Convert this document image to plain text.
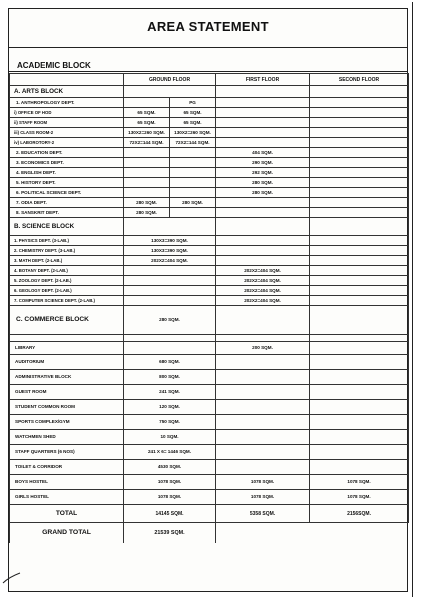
AREA STATEMENT
ACADEMIC BLOCK
	GROUND FLOOR		FIRST FLOOR	SECOND FLOOR
A. ARTS BLOCK				
1. ANTHROPOLOGY DEPT.		PG		
i) OFFICE OF HOD	65 SQM.	65 SQM.		
ii) STAFF ROOM	65 SQM.	65 SQM.		
iii) CLASS ROOM-2	130X2=260 SQM.	130X2=260 SQM.		
iv) LABOROTORY-2	72X2=144 SQM.	72X2=144 SQM.		
2. EDUCATION DEPT.			404 SQM.	
3. ECONOMICS DEPT.			290 SQM.	
4. ENGLISH DEPT.			292 SQM.	
5. HISTORY DEPT.			280 SQM.	
6. POLITICAL SCIENCE DEPT.			280 SQM.	
7. ODIA DEPT.	280 SQM.	280 SQM.		
8. SANSKRIT DEPT.	280 SQM.			
B. SCIENCE BLOCK				
1. PHYSICS DEPT. (3-LAB.)	130X3=390 SQM.			
2. CHEMISTRY DEPT. (3-LAB.)	130X3=390 SQM.			
3. MATH DEPT. (2-LAB.)	202X2=404 SQM.			
4. BOTANY DEPT. (2-LAB.)			202X2=404 SQM.	
5. ZOOLOGY DEPT. (2-LAB.)			202X2=404 SQM.	
6. GEOLOGY DEPT. (2-LAB.)			202X2=404 SQM.	
7. COMPUTER SCIENCE DEPT. (2-LAB.)			202X2=404 SQM.	
C. COMMERCE BLOCK	280 SQM.			

LIBRARY			200 SQM.	
AUDITORIUM	680 SQM.			
ADMINISTRATIVE BLOCK	800 SQM.			
GUEST ROOM	241 SQM.			
STUDENT COMMON ROOM	120 SQM.			
SPORTS COMPLEX/GYM	750 SQM.			
WATCHMEN SHED	10 SQM.			
STAFF QUARTERS (6 NOS)	241 X 6= 1446 SQM.			
TOILET & CORRIDOR	4530 SQM.			
BOYS HOSTEL	1078 SQM.		1078 SQM.	1078 SQM.
GIRLS HOSTEL	1078 SQM.		1078 SQM.	1078 SQM.
TOTAL	14145 SQM.		5358 SQM.	2156SQM.
GRAND TOTAL	21539 SQM.			
